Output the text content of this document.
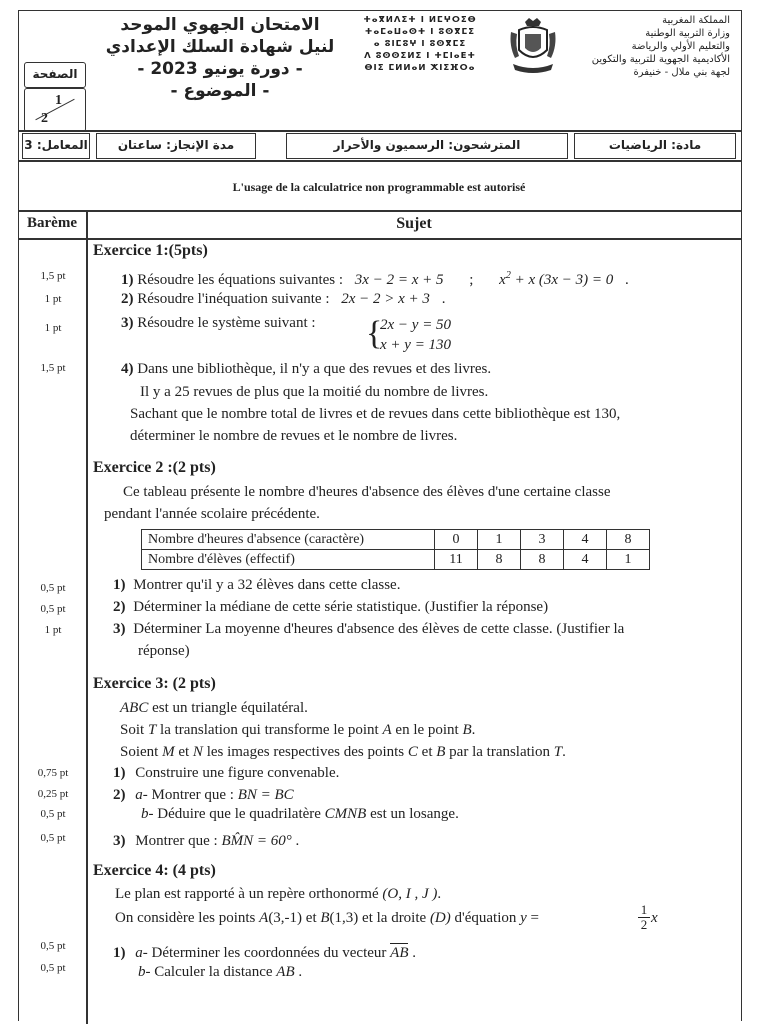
المملكة المغربية
وزارة التربية الوطنية
والتعليم الأولي والرياضة
الأكاديمية الجهوية للتربية والتكوين
لجهة بني ملال - خنيفرة
ⵜⴰⴳⵍⴷⵉⵜ ⵏ ⵍⵎⵖⵔⵉⴱ
ⵜⴰⵎⴰⵡⴰⵙⵜ ⵏ ⵓⵙⴳⵎⵉ
ⴰ ⵓⵏⵎⵓⵖ ⵏ ⵓⵙⴳⵎⵉ
ⴷ ⵓⵙⵙⵉⵍⵉ ⵏ ⵜⵎⵏⴰⴹⵜ
ⴱⵏⵉ ⵎⵍⵍⴰⵍ ⵅⵏⵉⴼⵔⴰ
الامتحان الجهوي الموحد
لنيل شهادة السلك الإعدادي
- دورة يونيو 2023 -
- الموضوع -
الصفحة
1
2
مادة: الرياضيات
المترشحون: الرسميون والأحرار
مدة الإنجاز: ساعتان
المعامل: 3
L'usage de la calculatrice non programmable est autorisé
Barème	Sujet
Exercice 1:(5pts)
1,5 pt	1) Résoudre les équations suivantes : 3x − 2 = x + 5 ; $x^2 + x$ (3x − 3) = 0 .
1 pt	2) Résoudre l'inéquation suivante : 2x − 2 > x + 3 .
1 pt	3) Résoudre le système suivant : {
2x − y = 50
x + y = 130
1,5 pt	4) Dans une bibliothèque, il n'y a que des revues et des livres.
Il y a 25 revues de plus que la moitié du nombre de livres.
Sachant que le nombre total de livres et de revues dans cette bibliothèque est 130,
déterminer le nombre de revues et le nombre de livres.
Exercice 2 :(2 pts)
Ce tableau présente le nombre d'heures d'absence des élèves d'une certaine classe
pendant l'année scolaire précédente.
Nombre d'heures d'absence (caractère)	0	1	3	4	8
Nombre d'élèves (effectif)	11	8	8	4	1
0,5 pt	1) Montrer qu'il y a 32 élèves dans cette classe.
0,5 pt	2) Déterminer la médiane de cette série statistique. (Justifier la réponse)
1 pt	3) Déterminer La moyenne d'heures d'absence des élèves de cette classe. (Justifier la
réponse)
Exercice 3: (2 pts)
ABC est un triangle équilatéral.
Soit T la translation qui transforme le point A en le point B.
Soient M et N les images respectives des points C et B par la translation T.
0,75 pt	1) Construire une figure convenable.
0,25 pt	2) a- Montrer que : BN = BC
0,5 pt	b- Déduire que le quadrilatère CMNB est un losange.
0,5 pt	3) Montrer que : BM̂N = 60° .
Exercice 4: (4 pts)
Le plan est rapporté à un repère orthonormé (O, I , J ).
On considère les points A(3,-1) et B(1,3) et la droite (D) d'équation y =
1
2 x
0,5 pt	1) a- Déterminer les coordonnées du vecteur
AB .
0,5 pt	b- Calculer la distance AB .
